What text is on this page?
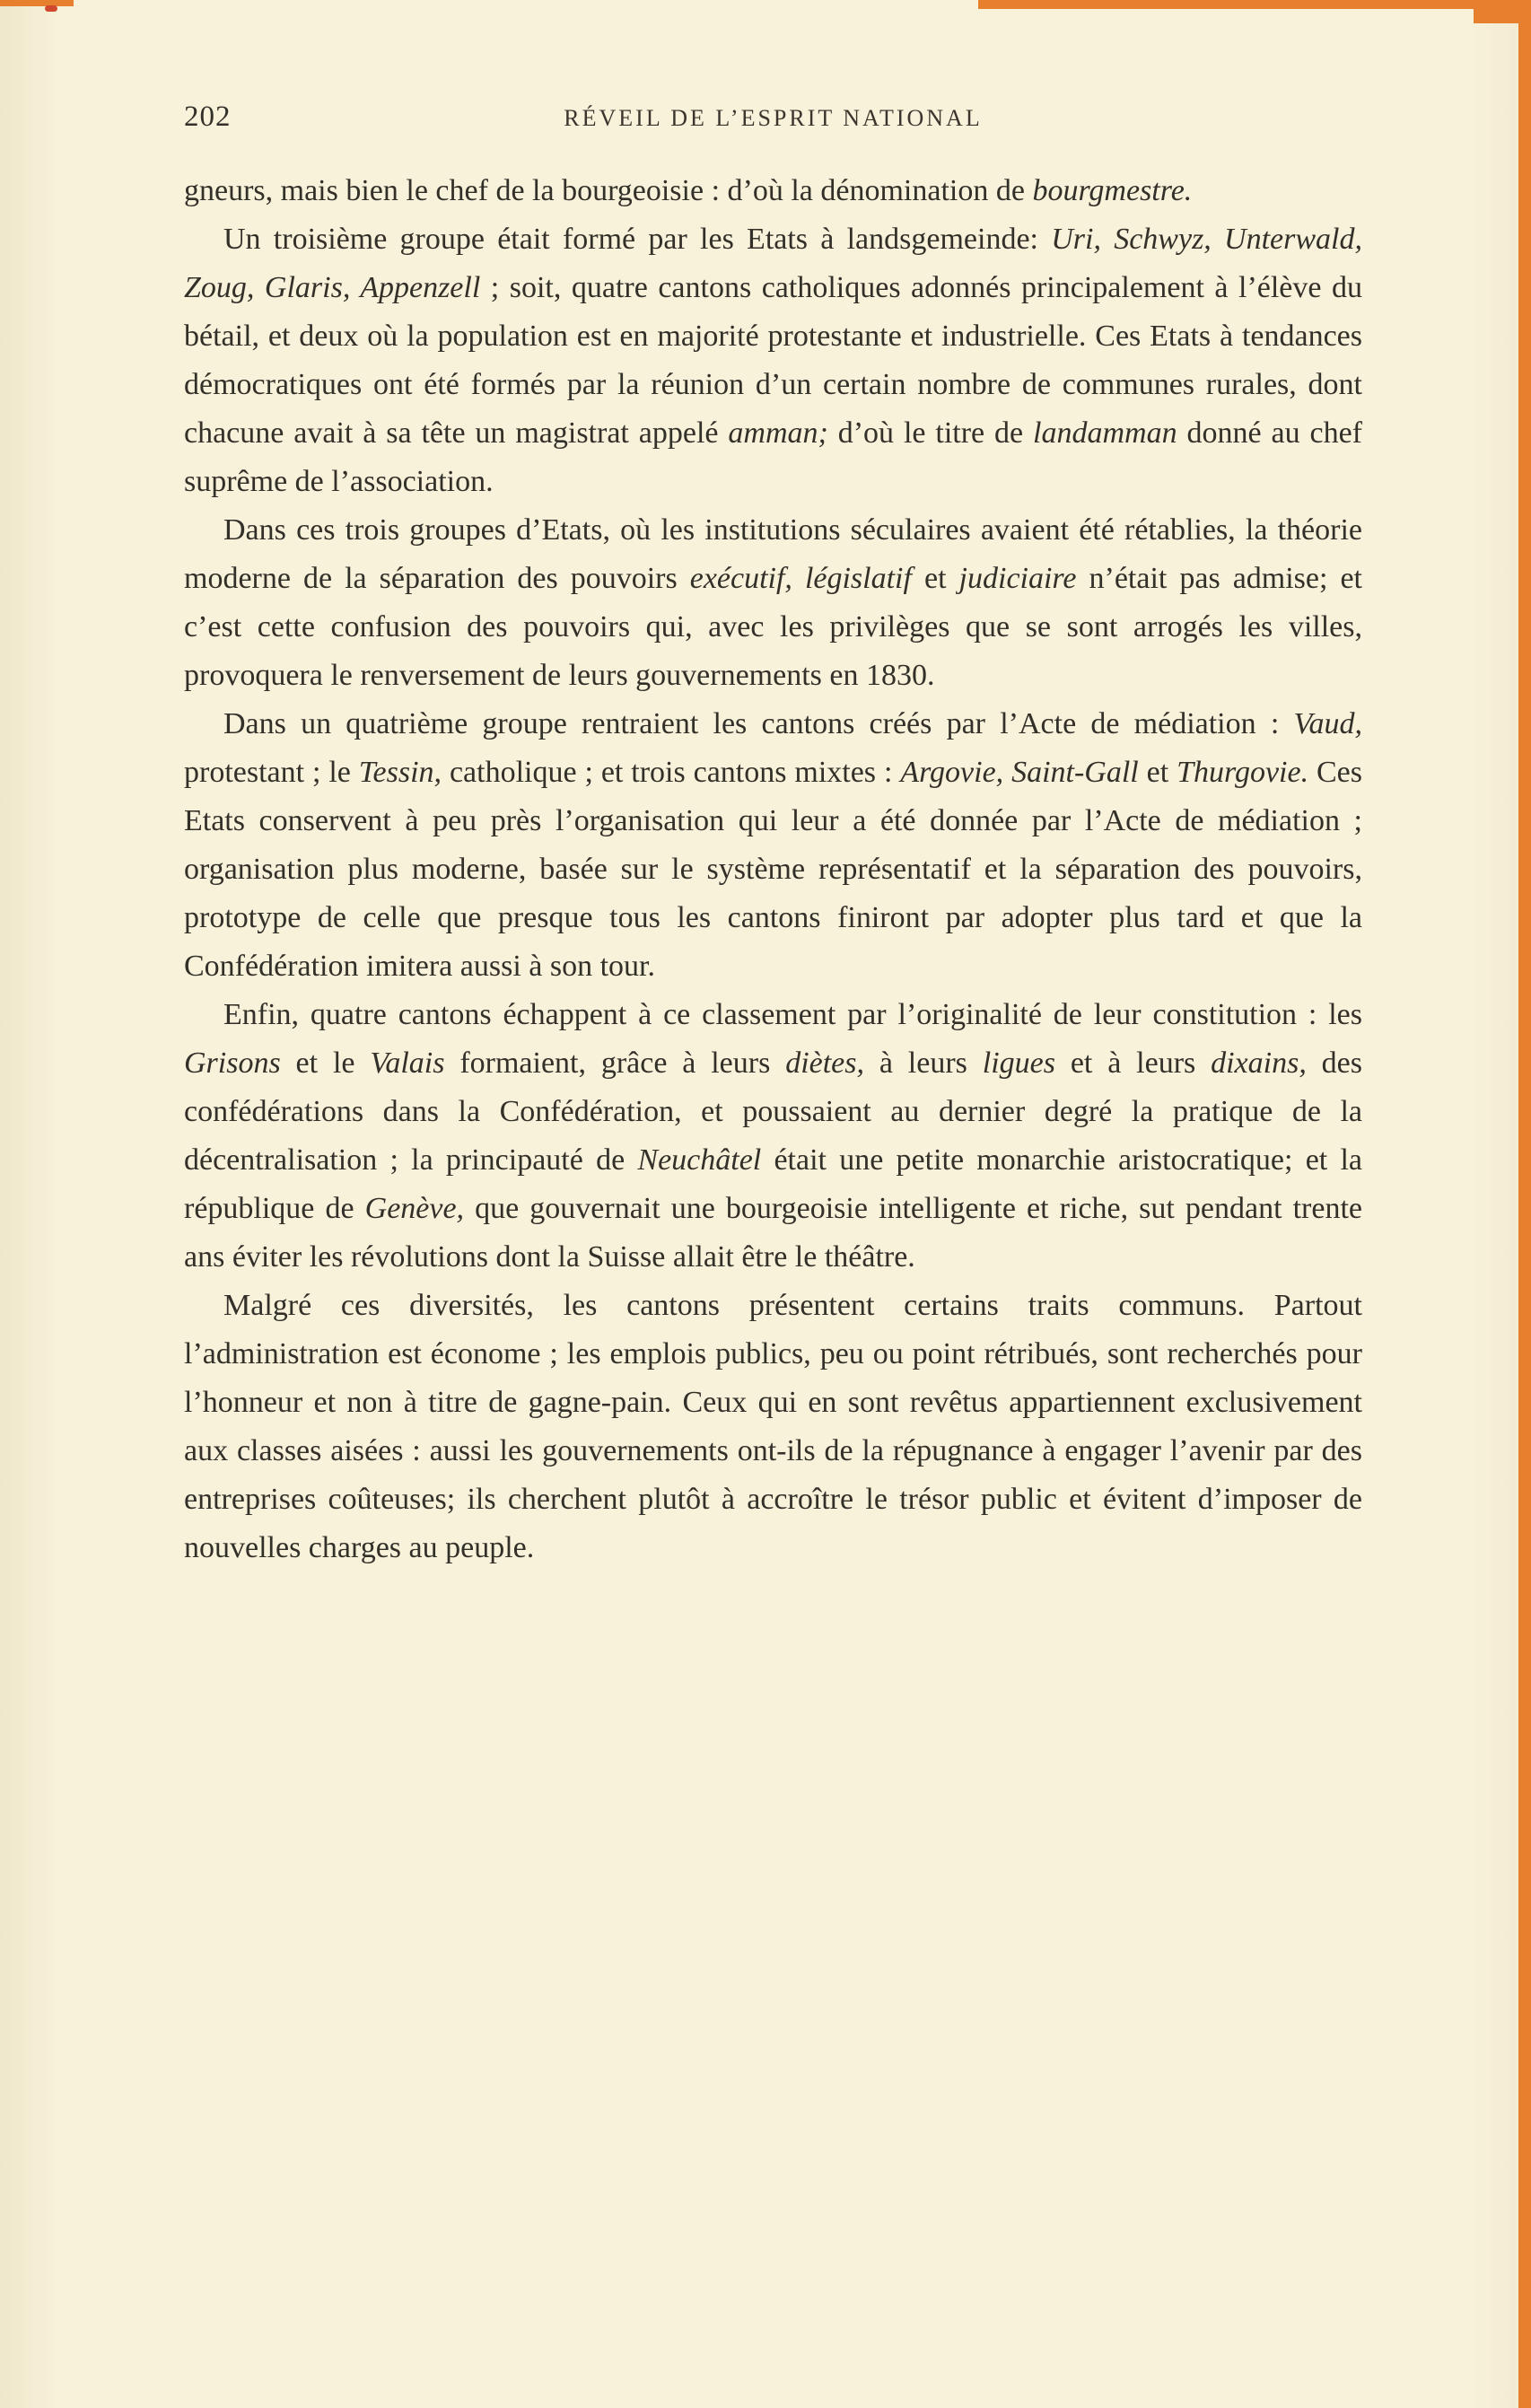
202	RÉVEIL DE L’ESPRIT NATIONAL

gneurs, mais bien le chef de la bourgeoisie : d’où la dénomination de bourgmestre.

Un troisième groupe était formé par les Etats à landsgemeinde: Uri, Schwyz, Unterwald, Zoug, Glaris, Appenzell ; soit, quatre cantons catholiques adonnés principalement à l’élève du bétail, et deux où la population est en majorité protestante et industrielle. Ces Etats à tendances démocratiques ont été formés par la réunion d’un certain nombre de communes rurales, dont chacune avait à sa tête un magistrat appelé amman; d’où le titre de landamman donné au chef suprême de l’association.

Dans ces trois groupes d’Etats, où les institutions séculaires avaient été rétablies, la théorie moderne de la séparation des pouvoirs exécutif, législatif et judiciaire n’était pas admise; et c’est cette confusion des pouvoirs qui, avec les privilèges que se sont arrogés les villes, provoquera le renversement de leurs gouvernements en 1830.

Dans un quatrième groupe rentraient les cantons créés par l’Acte de médiation : Vaud, protestant ; le Tessin, catholique ; et trois cantons mixtes : Argovie, Saint-Gall et Thurgovie. Ces Etats conservent à peu près l’organisation qui leur a été donnée par l’Acte de médiation ; organisation plus moderne, basée sur le système représentatif et la séparation des pouvoirs, prototype de celle que presque tous les cantons finiront par adopter plus tard et que la Confédération imitera aussi à son tour.

Enfin, quatre cantons échappent à ce classement par l’originalité de leur constitution : les Grisons et le Valais formaient, grâce à leurs diètes, à leurs ligues et à leurs dixains, des confédérations dans la Confédération, et poussaient au dernier degré la pratique de la décentralisation ; la principauté de Neuchâtel était une petite monarchie aristocratique; et la république de Genève, que gouvernait une bourgeoisie intelligente et riche, sut pendant trente ans éviter les révolutions dont la Suisse allait être le théâtre.

Malgré ces diversités, les cantons présentent certains traits communs. Partout l’administration est économe ; les emplois publics, peu ou point rétribués, sont recherchés pour l’honneur et non à titre de gagne-pain. Ceux qui en sont revêtus appartiennent exclusivement aux classes aisées : aussi les gouvernements ont-ils de la répugnance à engager l’avenir par des entreprises coûteuses; ils cherchent plutôt à accroître le trésor public et évitent d’imposer de nouvelles charges au peuple.
